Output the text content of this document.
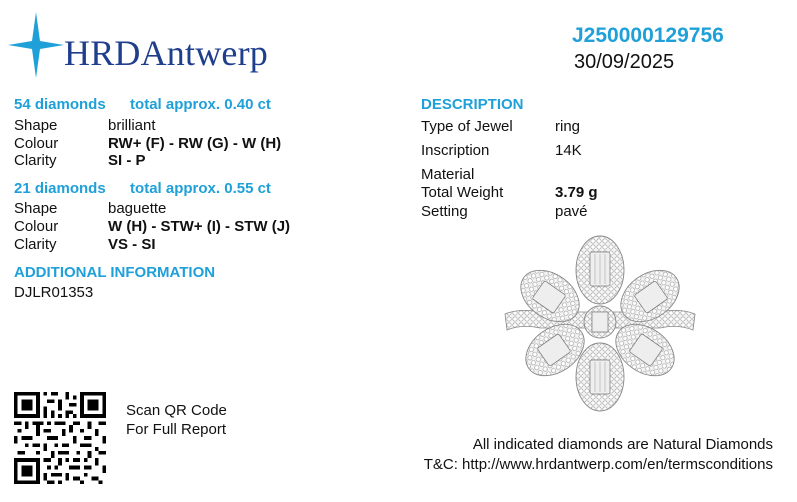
HRDAntwerp	J250000129756
30/09/2025
54 diamonds total approx. 0.40 ct
Shape	brilliant
Colour	RW+ (F) - RW (G) - W (H)
Clarity	SI - P
21 diamonds total approx. 0.55 ct
Shape	baguette
Colour	W (H) - STW+ (I) - STW (J)
Clarity	VS - SI
ADDITIONAL INFORMATION
DJLR01353
DESCRIPTION
Type of Jewel	ring
Inscription	14K
Material
Total Weight	3.79 g
Setting	pavé
Scan QR Code
For Full Report
All indicated diamonds are Natural Diamonds
T&C: http://www.hrdantwerp.com/en/termsconditions
